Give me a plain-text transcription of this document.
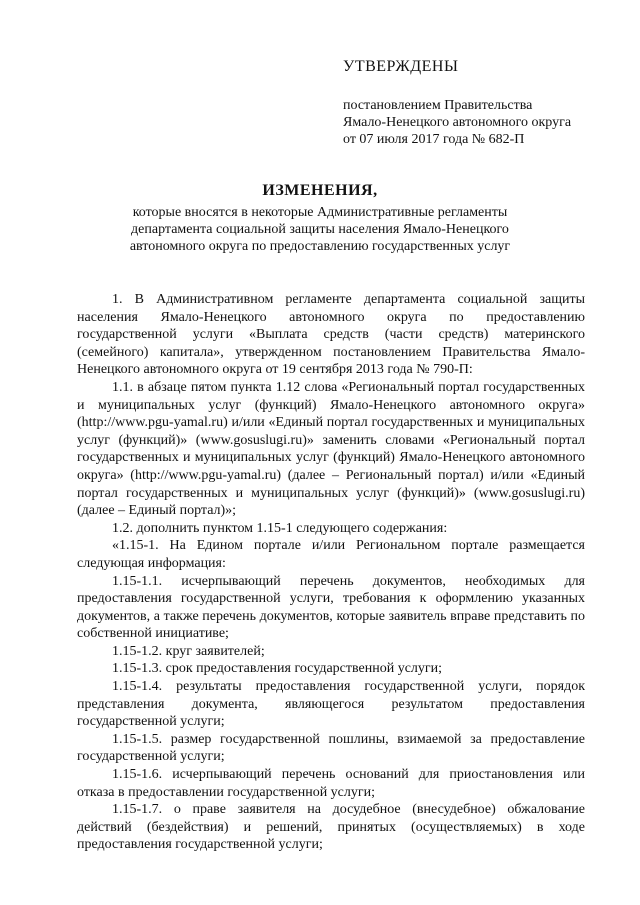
УТВЕРЖДЕНЫ
постановлением Правительства
Ямало-Ненецкого автономного округа
от 07 июля 2017 года № 682-П
ИЗМЕНЕНИЯ,
которые вносятся в некоторые Административные регламенты
департамента социальной защиты населения Ямало-Ненецкого
автономного округа по предоставлению государственных услуг

1. В Административном регламенте департамента социальной защиты населения Ямало-Ненецкого автономного округа по предоставлению государственной услуги «Выплата средств (части средств) материнского (семейного) капитала», утвержденном постановлением Правительства Ямало-Ненецкого автономного округа от 19 сентября 2013 года № 790-П:

1.1. в абзаце пятом пункта 1.12 слова «Региональный портал государственных и муниципальных услуг (функций) Ямало-Ненецкого автономного округа» (http://www.pgu-yamal.ru) и/или «Единый портал государственных и муниципальных услуг (функций)» (www.gosuslugi.ru)» заменить словами «Региональный портал государственных и муниципальных услуг (функций) Ямало-Ненецкого автономного округа» (http://www.pgu-yamal.ru) (далее – Региональный портал) и/или «Единый портал государственных и муниципальных услуг (функций)» (www.gosuslugi.ru) (далее – Единый портал)»;

1.2. дополнить пунктом 1.15-1 следующего содержания:

«1.15-1. На Едином портале и/или Региональном портале размещается следующая информация:

1.15-1.1. исчерпывающий перечень документов, необходимых для предоставления государственной услуги, требования к оформлению указанных документов, а также перечень документов, которые заявитель вправе представить по собственной инициативе;

1.15-1.2. круг заявителей;

1.15-1.3. срок предоставления государственной услуги;

1.15-1.4. результаты предоставления государственной услуги, порядок представления документа, являющегося результатом предоставления государственной услуги;

1.15-1.5. размер государственной пошлины, взимаемой за предоставление государственной услуги;

1.15-1.6. исчерпывающий перечень оснований для приостановления или отказа в предоставлении государственной услуги;

1.15-1.7. о праве заявителя на досудебное (внесудебное) обжалование действий (бездействия) и решений, принятых (осуществляемых) в ходе предоставления государственной услуги;
